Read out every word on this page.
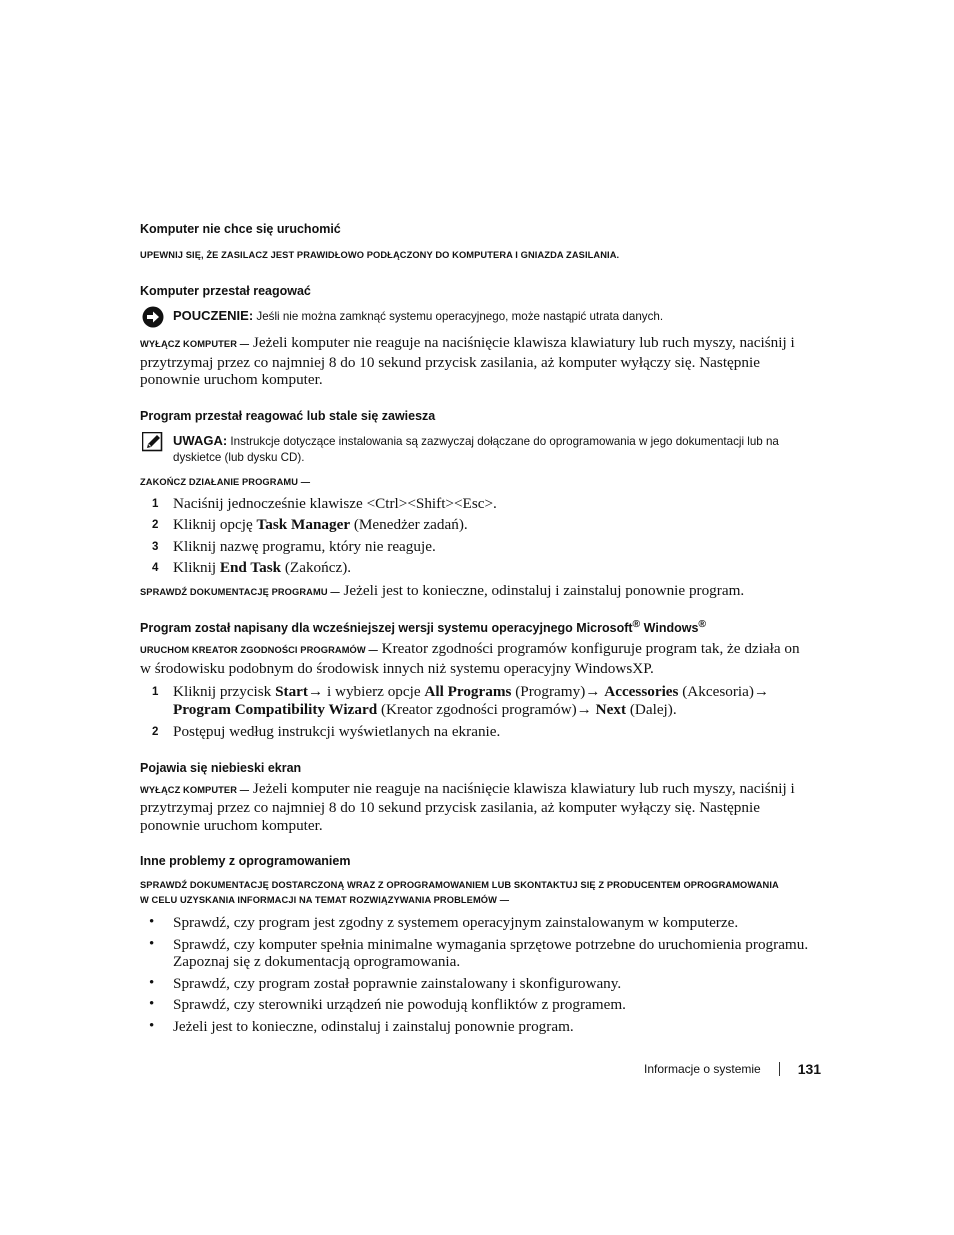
Komputer nie chce się uruchomić

UPEWNIJ SIĘ, ŻE ZASILACZ JEST PRAWIDŁOWO PODŁĄCZONY DO KOMPUTERA I GNIAZDA ZASILANIA.

Komputer przestał reagować

POUCZENIE: Jeśli nie można zamknąć systemu operacyjnego, może nastąpić utrata danych.

WYŁĄCZ KOMPUTER — Jeżeli komputer nie reaguje na naciśnięcie klawisza klawiatury lub ruch myszy, naciśnij i przytrzymaj przez co najmniej 8 do 10 sekund przycisk zasilania, aż komputer wyłączy się. Następnie ponownie uruchom komputer.

Program przestał reagować lub stale się zawiesza

UWAGA: Instrukcje dotyczące instalowania są zazwyczaj dołączane do oprogramowania w jego dokumentacji lub na dyskietce (lub dysku CD).

ZAKOŃCZ DZIAŁANIE PROGRAMU —

1 Naciśnij jednocześnie klawisze <Ctrl><Shift><Esc>.
2 Kliknij opcję Task Manager (Menedżer zadań).
3 Kliknij nazwę programu, który nie reaguje.
4 Kliknij End Task (Zakończ).

SPRAWDŹ DOKUMENTACJĘ PROGRAMU — Jeżeli jest to konieczne, odinstaluj i zainstaluj ponownie program.

Program został napisany dla wcześniejszej wersji systemu operacyjnego Microsoft® Windows®

URUCHOM KREATOR ZGODNOŚCI PROGRAMÓW — Kreator zgodności programów konfiguruje program tak, że działa on w środowisku podobnym do środowisk innych niż systemu operacyjny WindowsXP.

1 Kliknij przycisk Start→ i wybierz opcje All Programs (Programy)→ Accessories (Akcesoria)→ Program Compatibility Wizard (Kreator zgodności programów)→ Next (Dalej).
2 Postępuj według instrukcji wyświetlanych na ekranie.

Pojawia się niebieski ekran

WYŁĄCZ KOMPUTER — Jeżeli komputer nie reaguje na naciśnięcie klawisza klawiatury lub ruch myszy, naciśnij i przytrzymaj przez co najmniej 8 do 10 sekund przycisk zasilania, aż komputer wyłączy się. Następnie ponownie uruchom komputer.

Inne problemy z oprogramowaniem

SPRAWDŹ DOKUMENTACJĘ DOSTARCZONĄ WRAZ Z OPROGRAMOWANIEM LUB SKONTAKTUJ SIĘ Z PRODUCENTEM OPROGRAMOWANIA

W CELU UZYSKANIA INFORMACJI NA TEMAT ROZWIĄZYWANIA PROBLEMÓW —

• Sprawdź, czy program jest zgodny z systemem operacyjnym zainstalowanym w komputerze.
• Sprawdź, czy komputer spełnia minimalne wymagania sprzętowe potrzebne do uruchomienia programu. Zapoznaj się z dokumentacją oprogramowania.
• Sprawdź, czy program został poprawnie zainstalowany i skonfigurowany.
• Sprawdź, czy sterowniki urządzeń nie powodują konfliktów z programem.
• Jeżeli jest to konieczne, odinstaluj i zainstaluj ponownie program.
Informacje o systemie	131
